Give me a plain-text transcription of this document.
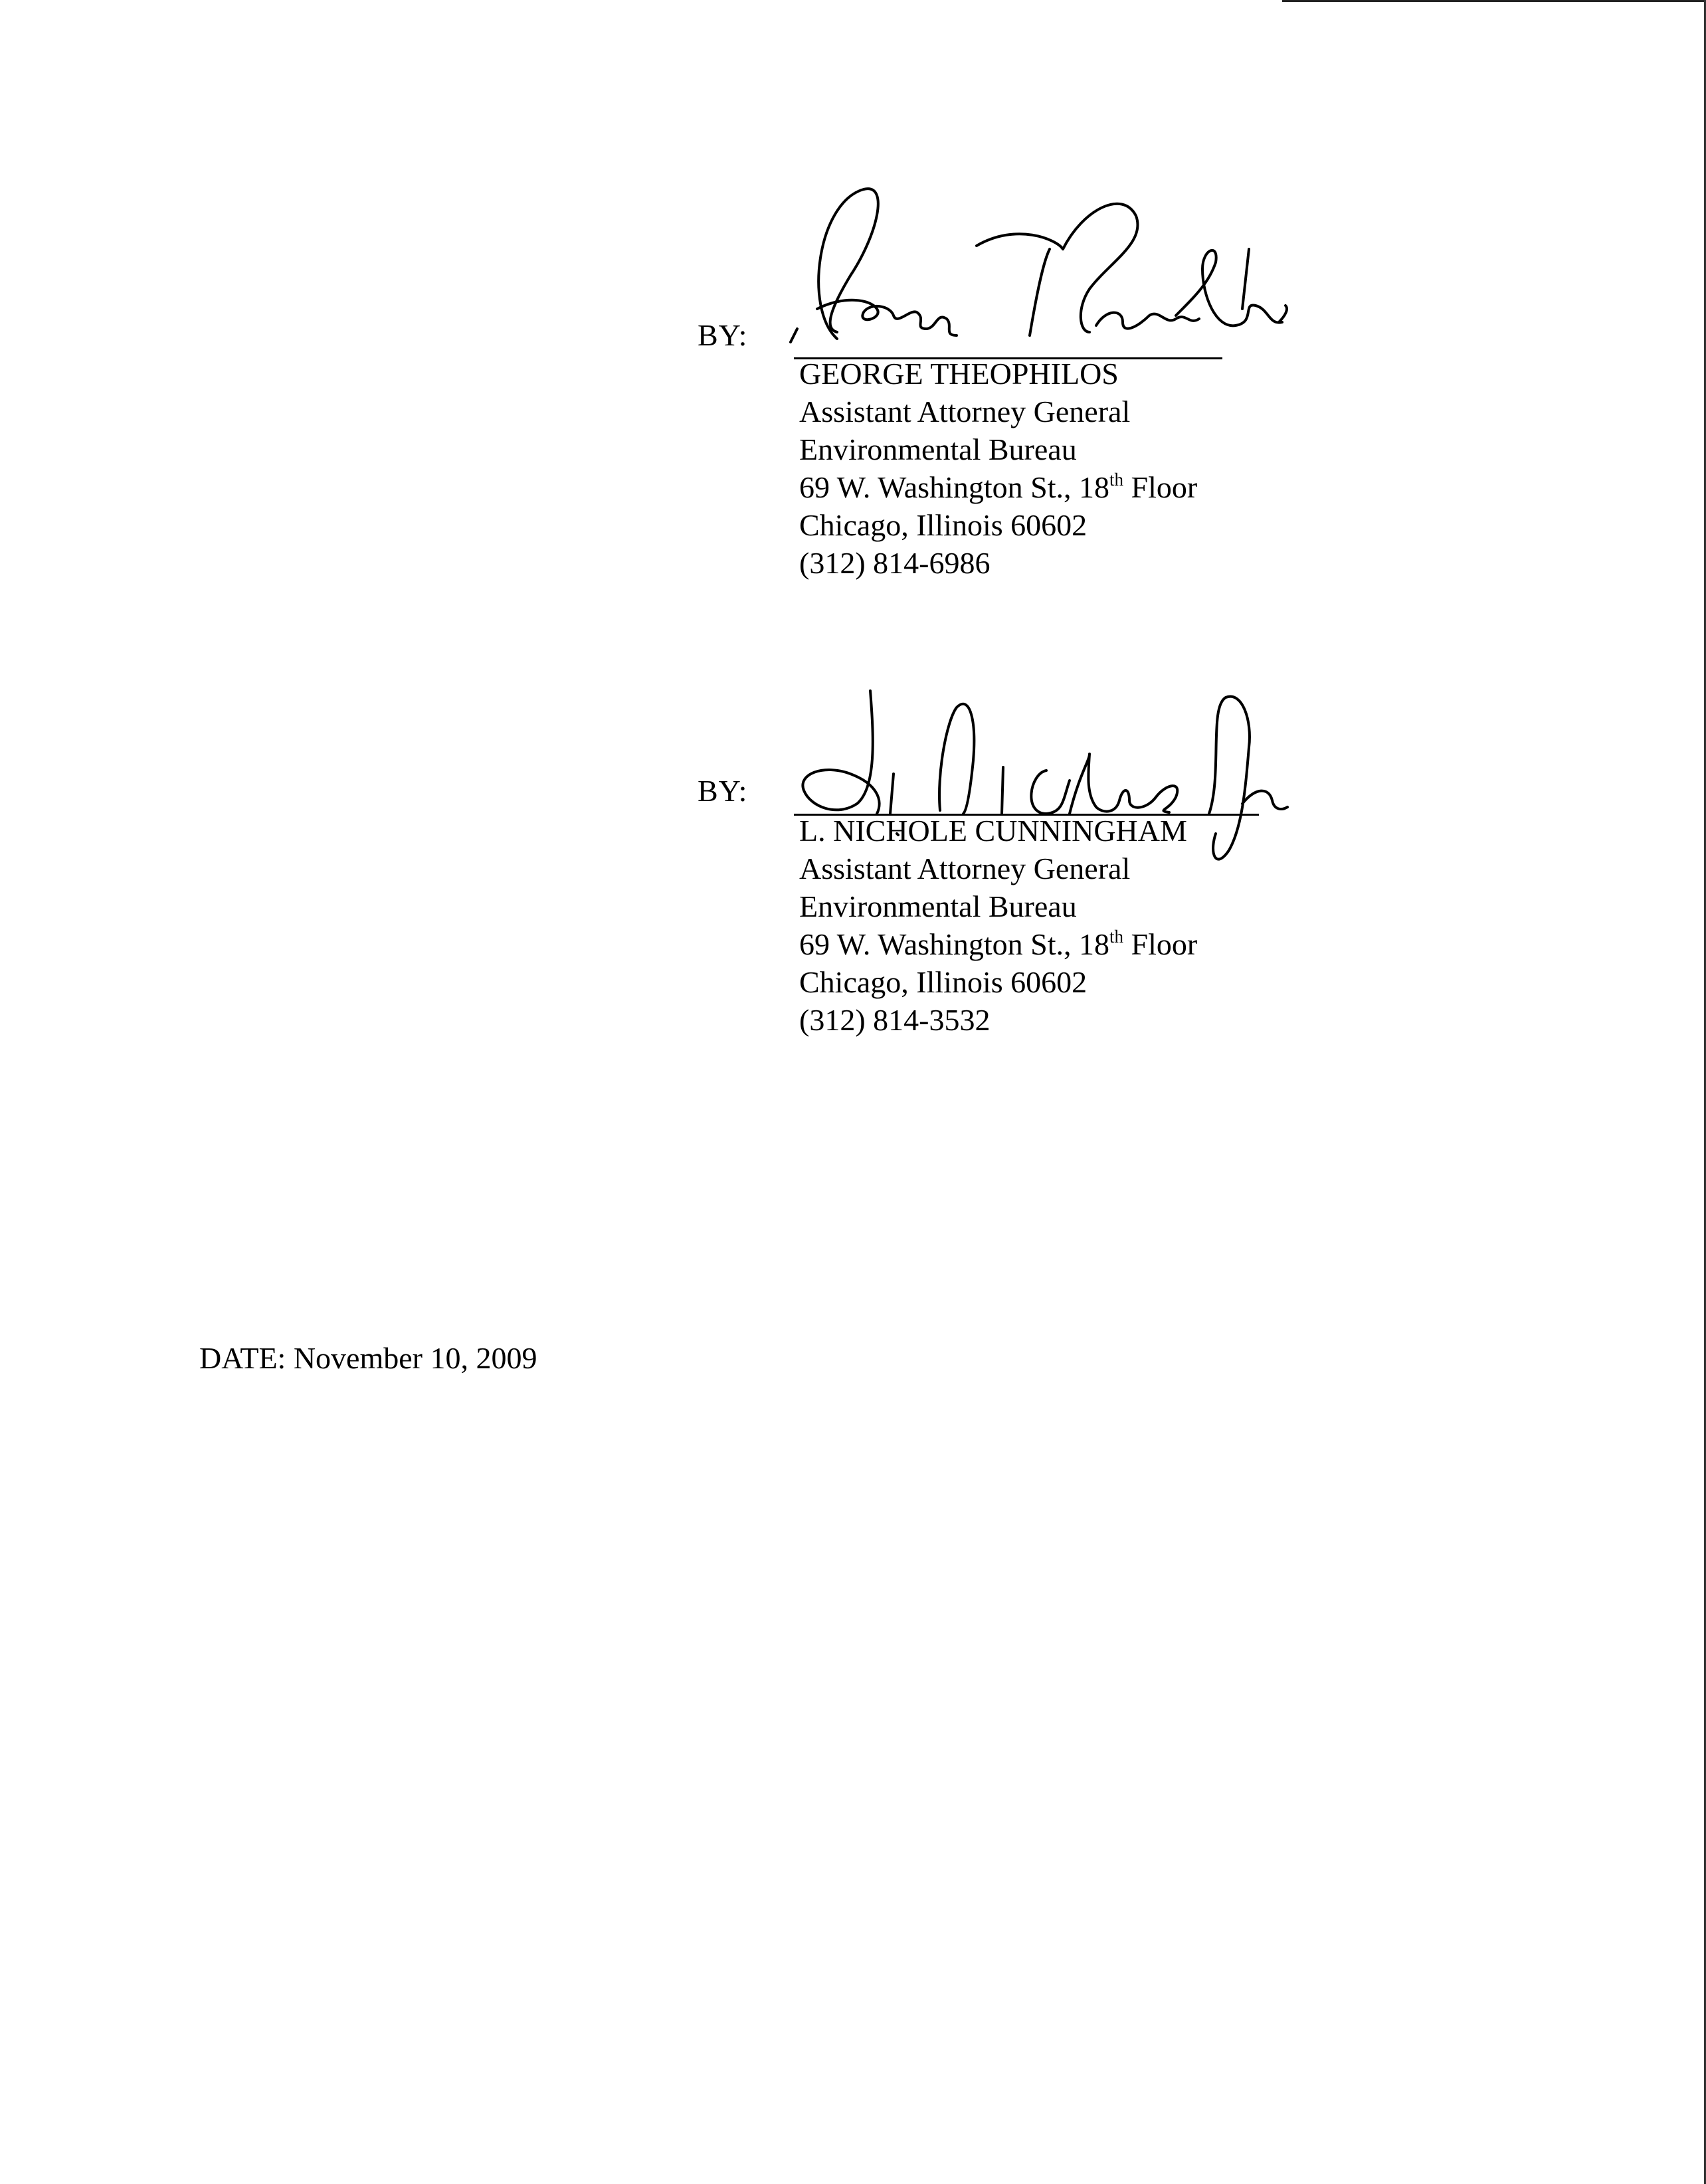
BY:
GEORGE THEOPHILOS
Assistant Attorney General
Environmental Bureau
69 W. Washington St., 18th Floor
Chicago, Illinois 60602
(312) 814-6986
BY:
L. NICHOLE CUNNINGHAM
Assistant Attorney General
Environmental Bureau
69 W. Washington St., 18th Floor
Chicago, Illinois 60602
(312) 814-3532
DATE: November 10, 2009
